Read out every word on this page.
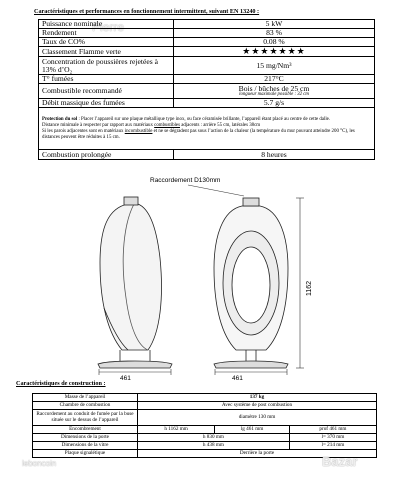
Caractéristiques et performances en fonctionnement intermittent, suivant EN 13240 :
Pierre
Puissance nominale	5 kW
Rendement	83 %
Taux de CO%	0.08 %
Classement Flamme verte	★★★★★★★
Concentration de poussières rejetées à 13% d’O₂	15 mg/Nm³
T° fumées	217°C
Combustible recommandé	Bois / bûches de 25 cm
longueur maximale possible : 32 cm

Débit massique des fumées	5.7 g/s
Protection du sol : Placer l’appareil sur une plaque métallique type inox, ou face céramisée brillante, l’appareil étant placé au centre de cette dalle.
Distance minimale à respecter par rapport aux matériaux combustibles adjacents : arrière 55 cm, latérales 38cm
Si les parois adjacentes sont en matériaux incombustible et ne se dégradent pas sous l’action de la chaleur (la température du mur pouvant atteindre 200 °C), les distances peuvent être réduites à 15 cm.	
Combustion prolongée	8 heures
Raccordement D130mm
1162
461	461
Caractéristiques de construction :
Masse de l’appareil	137 kg		
Chambre de combustion	Avec système de post combustion		
Raccordement au conduit de fumée par la buse située sur le dessus de l’appareil	diamètre 130 mm		
Encombrement	h 1162 mm	lg 461 mm	prof 461 mm
Dimensions de la porte	h 830 mm		l= 370 mm
Dimensions de la vitre	h 438 mm		l= 214 mm
Plaque signalétique	Derrière la porte		
leboncoin	Bazar
